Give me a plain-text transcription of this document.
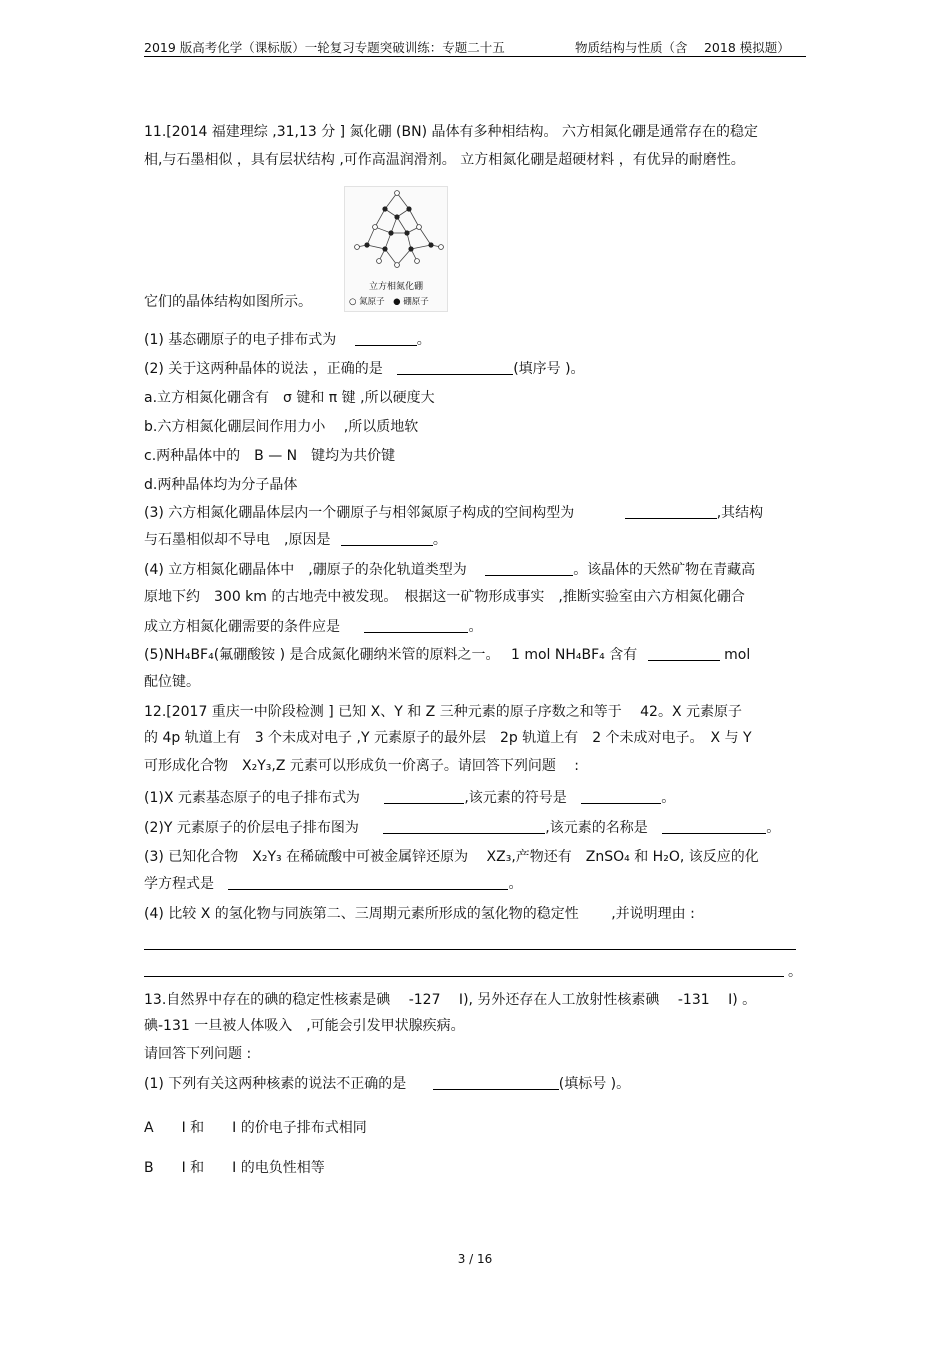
2019 版高考化学（课标版）一轮复习专题突破训练：专题二十五	物质结构与性质（含　 2018 模拟题）
11.[2014 福建理综 ,31,13 分 ] 氮化硼 (BN) 晶体有多种相结构。 六方相氮化硼是通常存在的稳定
相,与石墨相似 ，具有层状结构 ,可作高温润滑剂。 立方相氮化硼是超硬材料 ，有优异的耐磨性。
立方相氮化硼
○ 氮原子　● 硼原子
它们的晶体结构如图所示。
(1) 基态硼原子的电子排布式为	。
(2) 关于这两种晶体的说法 ，正确的是	(填序号 )。
a.立方相氮化硼含有　σ 键和 π 键 ,所以硬度大
b.六方相氮化硼层间作用力小　 ,所以质地软
c.两种晶体中的　B — N　键均为共价键
d.两种晶体均为分子晶体
(3) 六方相氮化硼晶体层内一个硼原子与相邻氮原子构成的空间构型为	,其结构
与石墨相似却不导电　,原因是	。
(4) 立方相氮化硼晶体中　,硼原子的杂化轨道类型为	。该晶体的天然矿物在青藏高
原地下约　300 km 的古地壳中被发现。　根据这一矿物形成事实　,推断实验室由六方相氮化硼合
成立方相氮化硼需要的条件应是	。
(5)NH₄BF₄(氟硼酸铵 ) 是合成氮化硼纳米管的原料之一。　 1 mol NH₄BF₄ 含有	mol
配位键。
12.[2017 重庆一中阶段检测 ] 已知 X、Y 和 Z 三种元素的原子序数之和等于　 42。X 元素原子
的 4p 轨道上有　3 个未成对电子 ,Y 元素原子的最外层　2p 轨道上有　2 个未成对电子。　X 与 Y
可形成化合物　X₂Y₃,Z 元素可以形成负一价离子。请回答下列问题　 :
(1)X 元素基态原子的电子排布式为	,该元素的符号是	。
(2)Y 元素原子的价层电子排布图为	,该元素的名称是	。
(3) 已知化合物　X₂Y₃ 在稀硫酸中可被金属锌还原为　 XZ₃,产物还有　ZnSO₄ 和 H₂O, 该反应的化
学方程式是	。
(4) 比较 X 的氢化物与同族第二、三周期元素所形成的氢化物的稳定性　　 ,并说明理由 :
。
13.自然界中存在的碘的稳定性核素是碘　 -127　 I), 另外还存在人工放射性核素碘　 -131　 I) 。
碘-131 一旦被人体吸入　,可能会引发甲状腺疾病。
请回答下列问题 :
(1) 下列有关这两种核素的说法不正确的是	(填标号 )。
A　　I 和　　I 的价电子排布式相同
B　　I 和　　I 的电负性相等
3 / 16
